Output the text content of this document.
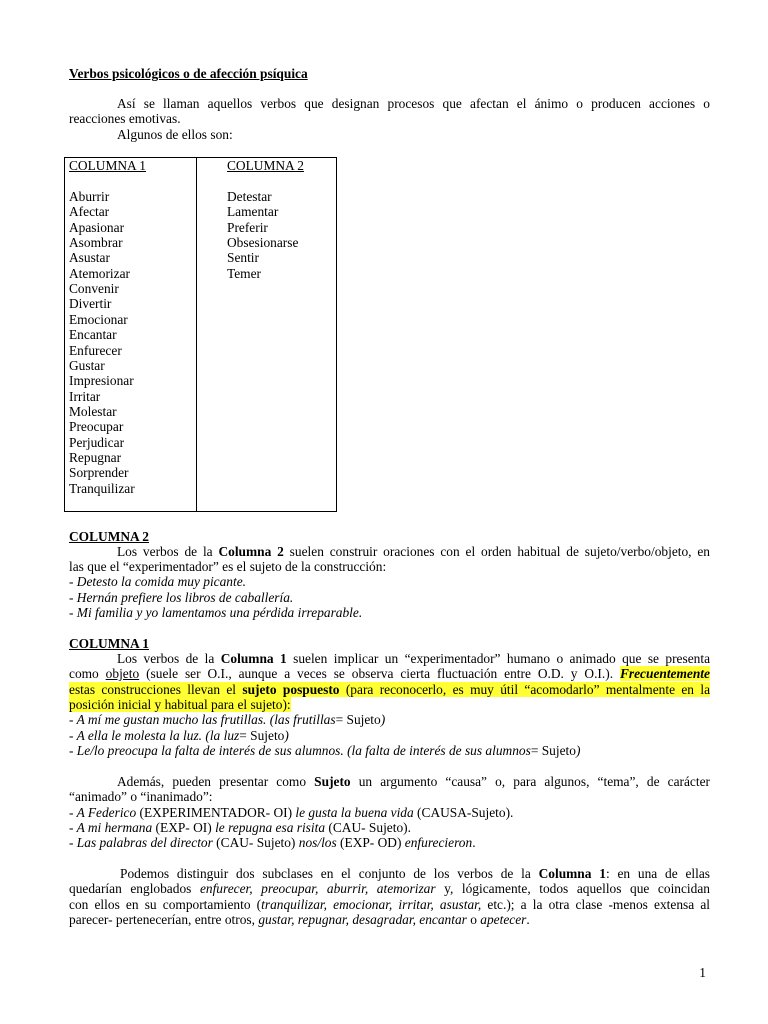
Verbos psicológicos o de afección psíquica
Así se llaman aquellos verbos que designan procesos que afectan el ánimo o producen acciones o
reacciones emotivas.
Algunos de ellos son:
COLUMNA 1	COLUMNA 2
Aburrir
Afectar
Apasionar
Asombrar
Asustar
Atemorizar
Convenir
Divertir
Emocionar
Encantar
Enfurecer
Gustar
Impresionar
Irritar
Molestar
Preocupar
Perjudicar
Repugnar
Sorprender
Tranquilizar
Detestar
Lamentar
Preferir
Obsesionarse
Sentir
Temer
COLUMNA 2
Los verbos de la Columna 2 suelen construir oraciones con el orden habitual de sujeto/verbo/objeto, en
las que el “experimentador” es el sujeto de la construcción:
- Detesto la comida muy picante.
- Hernán prefiere los libros de caballería.
- Mi familia y yo lamentamos una pérdida irreparable.
COLUMNA 1
Los verbos de la Columna 1 suelen implicar un “experimentador” humano o animado que se presenta
como objeto (suele ser O.I., aunque a veces se observa cierta fluctuación entre O.D. y O.I.). Frecuentemente
estas construcciones llevan el sujeto pospuesto (para reconocerlo, es muy útil “acomodarlo” mentalmente en la
posición inicial y habitual para el sujeto):
- A mí me gustan mucho las frutillas. (las frutillas= Sujeto)
- A ella le molesta la luz. (la luz= Sujeto)
- Le/lo preocupa la falta de interés de sus alumnos. (la falta de interés de sus alumnos= Sujeto)
Además, pueden presentar como Sujeto un argumento “causa” o, para algunos, “tema”, de carácter
“animado” o “inanimado”:
- A Federico (EXPERIMENTADOR- OI) le gusta la buena vida (CAUSA-Sujeto).
- A mi hermana (EXP- OI) le repugna esa risita (CAU- Sujeto).
- Las palabras del director (CAU- Sujeto) nos/los (EXP- OD) enfurecieron.
Podemos distinguir dos subclases en el conjunto de los verbos de la Columna 1: en una de ellas
quedarían englobados enfurecer, preocupar, aburrir, atemorizar y, lógicamente, todos aquellos que coincidan
con ellos en su comportamiento (tranquilizar, emocionar, irritar, asustar, etc.); a la otra clase -menos extensa al
parecer- pertenecerían, entre otros, gustar, repugnar, desagradar, encantar o apetecer.
1
